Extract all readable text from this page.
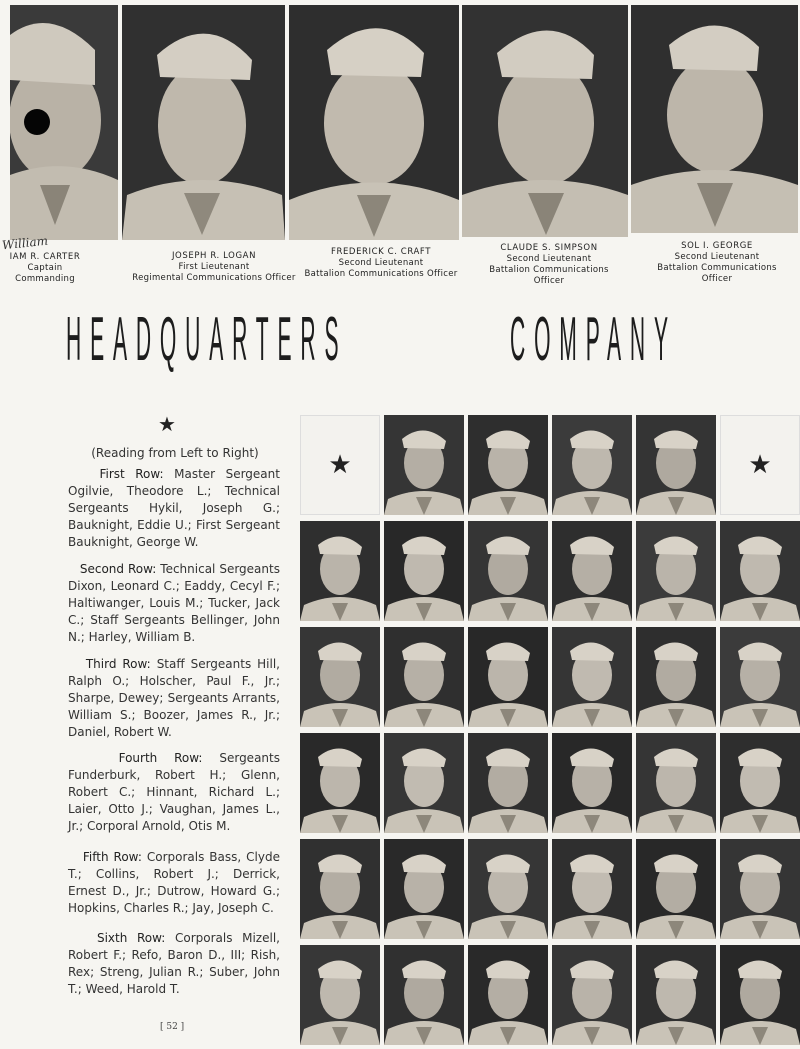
William
IAM R. CARTER
Captain
Commanding
JOSEPH R. LOGAN
First Lieutenant
Regimental Communications Officer
FREDERICK C. CRAFT
Second Lieutenant
Battalion Communications Officer
CLAUDE S. SIMPSON
Second Lieutenant
Battalion Communications
Officer
SOL I. GEORGE
Second Lieutenant
Battalion Communications
Officer
HEADQUARTERS	COMPANY
★
(Reading from Left to Right)
First Row: Master Sergeant Ogilvie, Theodore L.; Technical Sergeants Hykil, Joseph G.; Bauknight, Eddie U.; First Sergeant Bauknight, George W.
Second Row: Technical Sergeants Dixon, Leonard C.; Eaddy, Cecyl F.; Haltiwanger, Louis M.; Tucker, Jack C.; Staff Sergeants Bellinger, John N.; Harley, William B.
Third Row: Staff Sergeants Hill, Ralph O.; Holscher, Paul F., Jr.; Sharpe, Dewey; Sergeants Arrants, William S.; Boozer, James R., Jr.; Daniel, Robert W.
Fourth Row: Sergeants Funderburk, Robert H.; Glenn, Robert C.; Hinnant, Richard L.; Laier, Otto J.; Vaughan, James L., Jr.; Corporal Arnold, Otis M.
Fifth Row: Corporals Bass, Clyde T.; Collins, Robert J.; Derrick, Ernest D., Jr.; Dutrow, Howard G.; Hopkins, Charles R.; Jay, Joseph C.
Sixth Row: Corporals Mizell, Robert F.; Refo, Baron D., III; Rish, Rex; Streng, Julian R.; Suber, John T.; Weed, Harold T.
[ 52 ]
★	★
